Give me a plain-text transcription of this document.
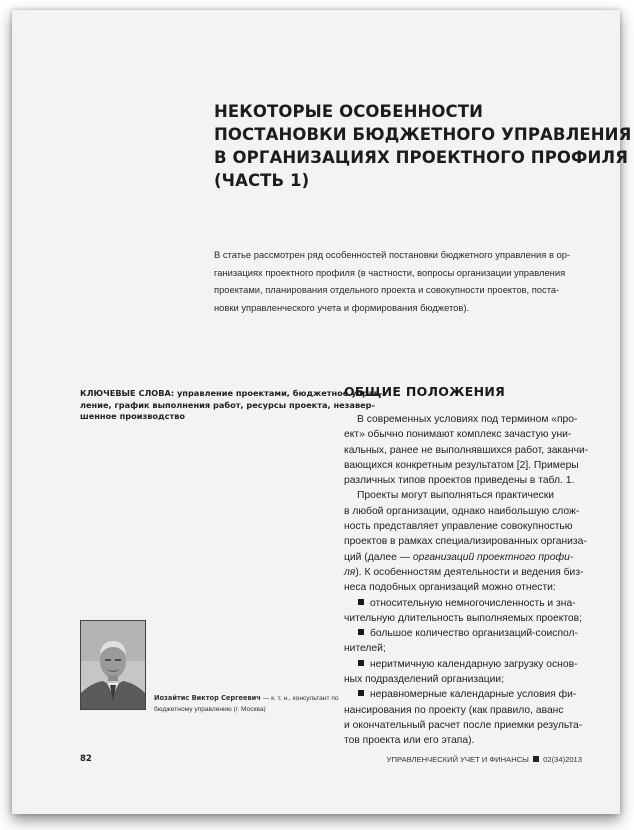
НЕКОТОРЫЕ ОСОБЕННОСТИ
ПОСТАНОВКИ БЮДЖЕТНОГО УПРАВЛЕНИЯ
В ОРГАНИЗАЦИЯХ ПРОЕКТНОГО ПРОФИЛЯ
(ЧАСТЬ 1)
В статье рассмотрен ряд особенностей постановки бюджетного управления в ор-
ганизациях проектного профиля (в частности, вопросы организации управления
проектами, планирования отдельного проекта и совокупности проектов, поста-
новки управленческого учета и формирования бюджетов).
КЛЮЧЕВЫЕ СЛОВА: управление проектами, бюджетное управ-
ление, график выполнения работ, ресурсы проекта, незавер-
шенное производство
ОБЩИЕ ПОЛОЖЕНИЯ
В современных условиях под термином «про-
ект» обычно понимают комплекс зачастую уни-
кальных, ранее не выполнявшихся работ, заканчи-
вающихся конкретным результатом [2]. Примеры
различных типов проектов приведены в табл. 1.
Проекты могут выполняться практически
в любой организации, однако наибольшую слож-
ность представляет управление совокупностью
проектов в рамках специализированных организа-
ций (далее — организаций проектного профи-
ля). К особенностям деятельности и ведения биз-
неса подобных организаций можно отнести:
относительную немногочисленность и зна-
чительную длительность выполняемых проектов;
большое количество организаций-соиспол-
нителей;
неритмичную календарную загрузку основ-
ных подразделений организации;
неравномерные календарные условия фи-
нансирования по проекту (как правило, аванс
и окончательный расчет после приемки результа-
тов проекта или его этапа).
Иозайтис Виктор Сергеевич — к. т. н., консультант по
бюджетному управлению (г. Москва)
82	УПРАВЛЕНЧЕСКИЙ УЧЕТ И ФИНАНСЫ 02(34)2013
